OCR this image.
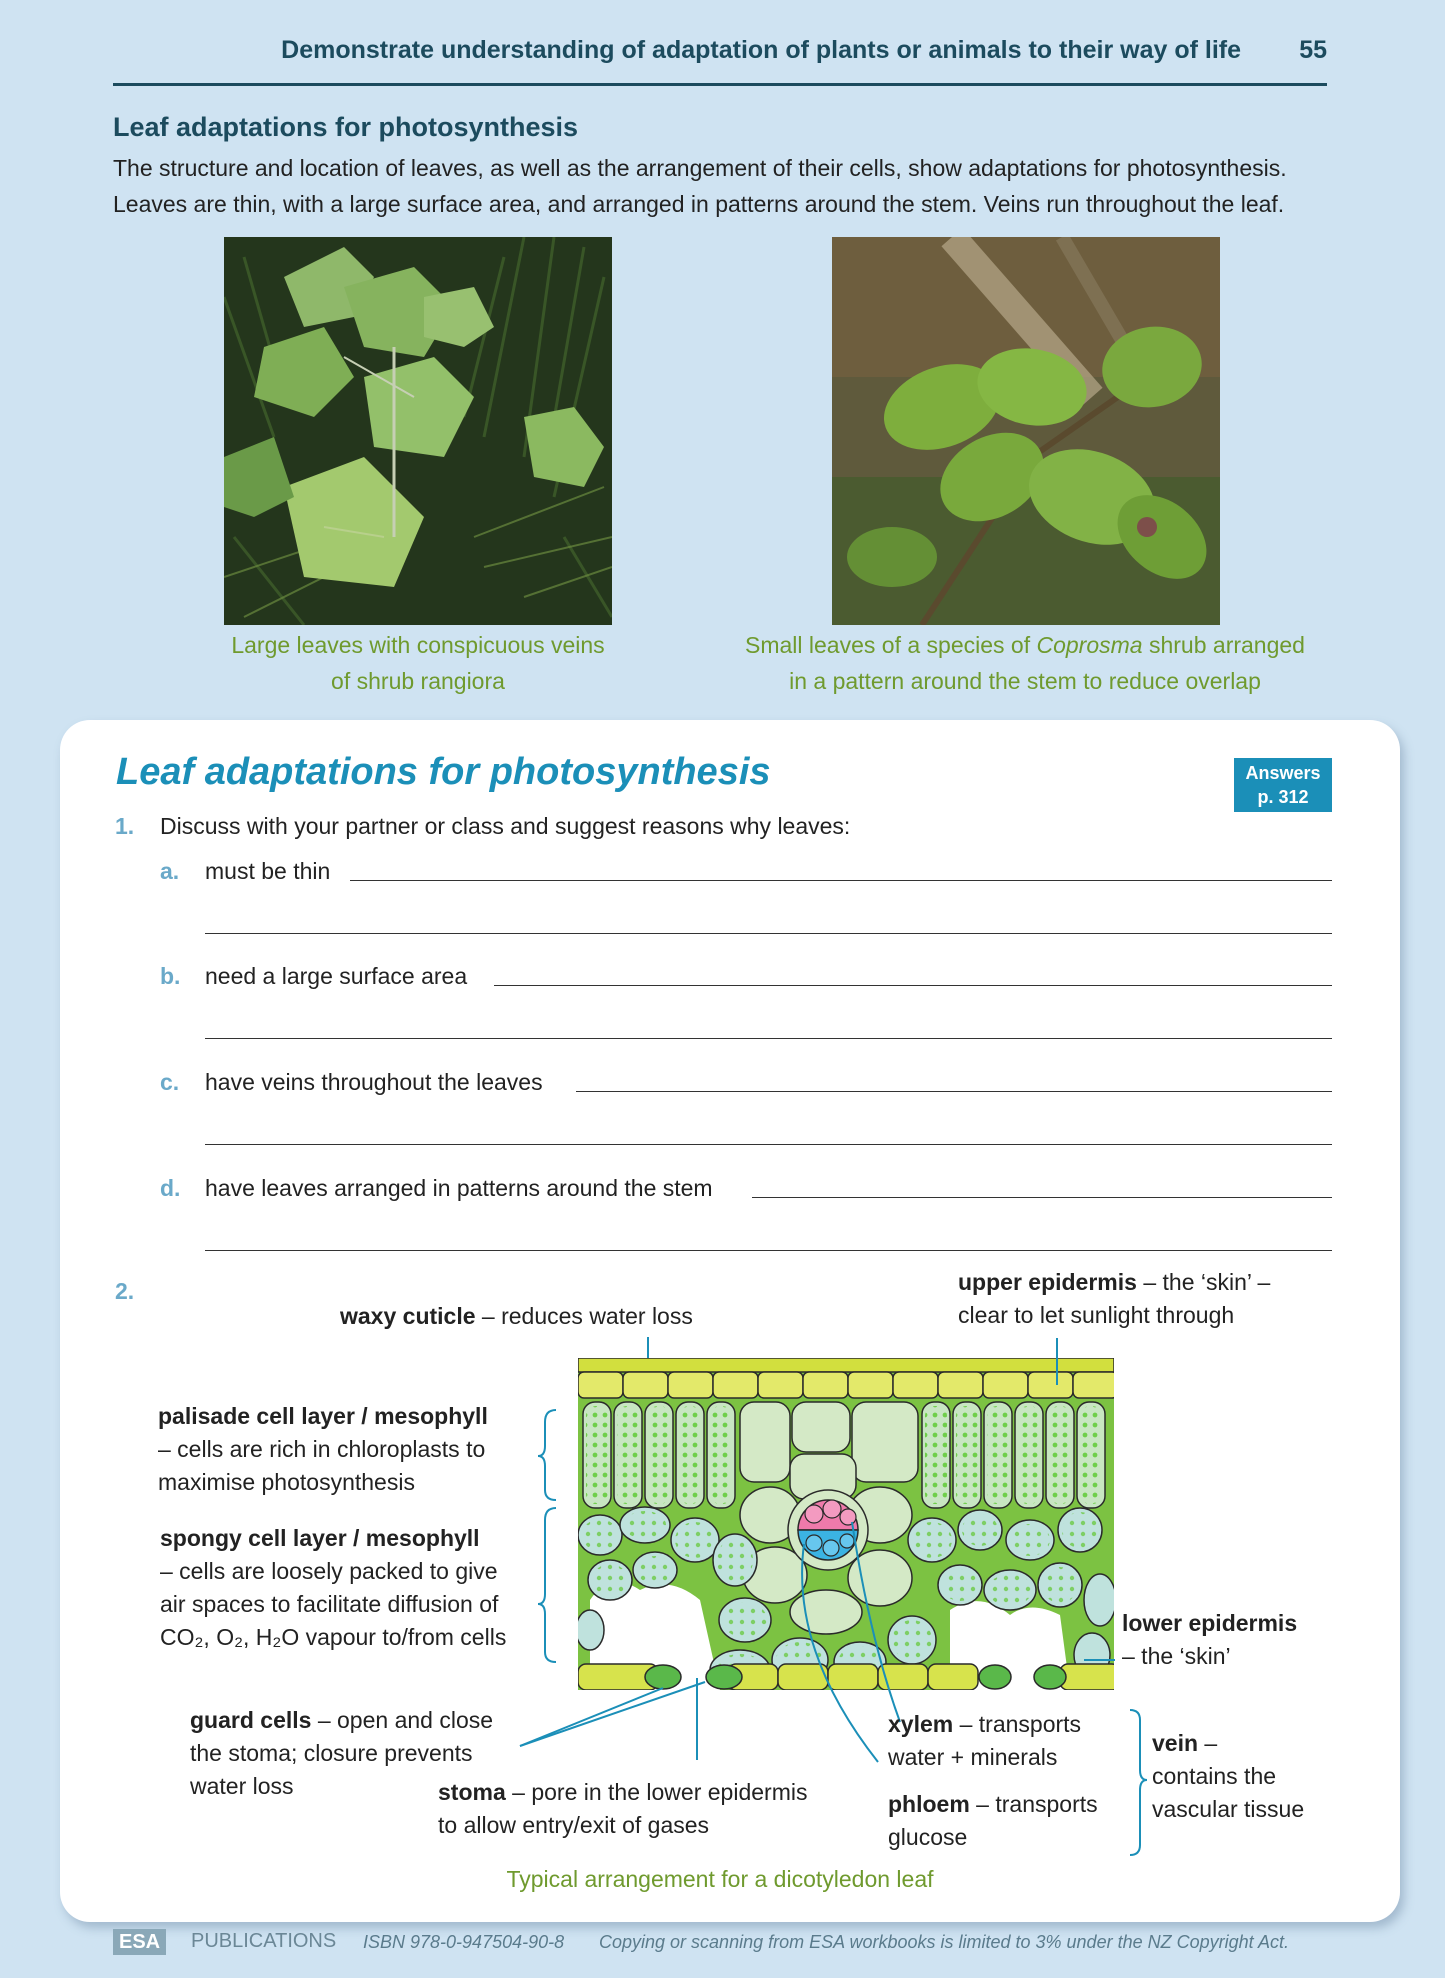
Demonstrate understanding of adaptation of plants or animals to their way of life 55
Leaf adaptations for photosynthesis
The structure and location of leaves, as well as the arrangement of their cells, show adaptations for photosynthesis. Leaves are thin, with a large surface area, and arranged in patterns around the stem. Veins run throughout the leaf.
Large leaves with conspicuous veins
of shrub rangiora
Small leaves of a species of Coprosma shrub arranged
in a pattern around the stem to reduce overlap
Leaf adaptations for photosynthesis	Answers
p. 312
1. Discuss with your partner or class and suggest reasons why leaves:
a. must be thin
b. need a large surface area
c. have veins throughout the leaves
d. have leaves arranged in patterns around the stem
2.
waxy cuticle – reduces water loss
upper epidermis – the ‘skin’ –
clear to let sunlight through
palisade cell layer / mesophyll
– cells are rich in chloroplasts to
maximise photosynthesis
spongy cell layer / mesophyll
– cells are loosely packed to give
air spaces to facilitate diffusion of
CO₂, O₂, H₂O vapour to/from cells
lower epidermis
– the ‘skin’
guard cells – open and close
the stoma; closure prevents
water loss	stoma – pore in the lower epidermis
to allow entry/exit of gases
xylem – transports
water + minerals
phloem – transports
glucose
vein –
contains the
vascular tissue
Typical arrangement for a dicotyledon leaf
ESA	PUBLICATIONS ISBN 978-0-947504-90-8 Copying or scanning from ESA workbooks is limited to 3% under the NZ Copyright Act.
